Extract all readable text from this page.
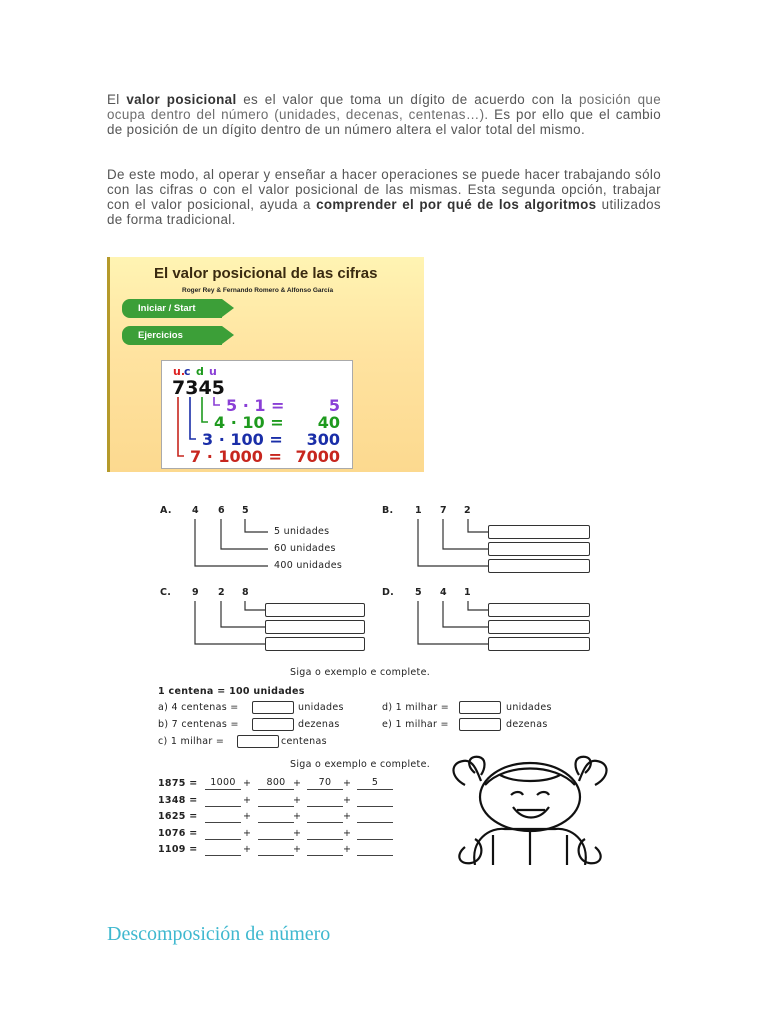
El valor posicional es el valor que toma un dígito de acuerdo con la posición que ocupa dentro del número (unidades, decenas, centenas…). Es por ello que el cambio de posición de un dígito dentro de un número altera el valor total del mismo.
De este modo, al operar y enseñar a hacer operaciones se puede hacer trabajando sólo con las cifras o con el valor posicional de las mismas. Esta segunda opción, trabajar con el valor posicional, ayuda a comprender el por qué de los algoritmos utilizados de forma tradicional.
El valor posicional de las cifras
Roger Rey & Fernando Romero & Alfonso García
Iniciar / Start
Ejercicios
u.
c d u
7345
5 · 1 =	5
4 · 10 = 40
3 · 100 = 300
7 · 1000 = 7000
A. 4 6 5
5 unidades
60 unidades
400 unidades
B. 1 7 2
C. 9 2 8	D. 5 4 1
Siga o exemplo e complete.
1 centena = 100 unidades
a) 4 centenas =	unidades
b) 7 centenas =	dezenas
c) 1 milhar =	centenas
d) 1 milhar =	unidades
e) 1 milhar =	dezenas
Siga o exemplo e complete.
1875 =	1000 +	800 +	70	+	5
1348 =	+	+	+
1625 =	+	+	+
1076 =	+	+	+
1109 =	+	+	+
Descomposición de número
